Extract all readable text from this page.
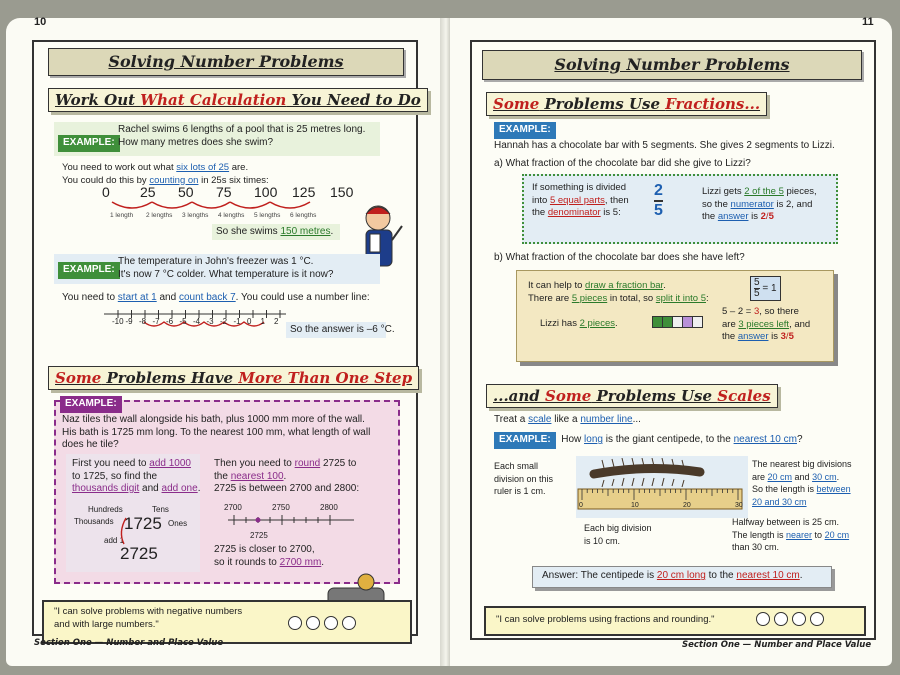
10
Solving Number Problems
Work Out What Calculation You Need to Do
EXAMPLE:
Rachel swims 6 lengths of a pool that is 25 metres long.
How many metres does she swim?
You need to work out what six lots of 25 are.
You could do this by counting on in 25s six times:
0 25 50 75 100 125 150
1 length 2 lengths 3 lengths 4 lengths 5 lengths 6 lengths
So she swims 150 metres.
EXAMPLE:
The temperature in John's freezer was 1 °C.
It's now 7 °C colder. What temperature is it now?
You need to start at 1 and count back 7. You could use a number line:
-10 -9 -8 -7 -6 -5 -4 -3 -2 -1 0 1 2
So the answer is –6 °C.
Some Problems Have More Than One Step
EXAMPLE:
Naz tiles the wall alongside his bath, plus 1000 mm more of the wall.
His bath is 1725 mm long. To the nearest 100 mm, what length of wall
does he tile?
First you need to add 1000
to 1725, so find the
thousands digit and add one.
Hundreds	Tens
Thousands	Ones
1725
add 1
2725
Then you need to round 2725 to
the nearest 100.
2725 is between 2700 and 2800:
2700	2750	2800
2725
2725 is closer to 2700,
so it rounds to 2700 mm.
"I can solve problems with negative numbers
and with large numbers."
Section One — Number and Place Value
11
Solving Number Problems
Some Problems Use Fractions...
EXAMPLE:
Hannah has a chocolate bar with 5 segments. She gives 2 segments to Lizzi.
a) What fraction of the chocolate bar did she give to Lizzi?
If something is divided
into 5 equal parts, then
the denominator is 5:
2
5
Lizzi gets 2 of the 5 pieces,
so the numerator is 2, and
the answer is 2/5
b) What fraction of the chocolate bar does she have left?
It can help to draw a fraction bar.
There are 5 pieces in total, so split it into 5:	$\frac{5}{5} = 1$
Lizzi has 2 pieces.
5 – 2 = 3, so there
are 3 pieces left, and
the answer is 3/5
...and Some Problems Use Scales
Treat a scale like a number line...
EXAMPLE: How long is the giant centipede, to the nearest 10 cm?
Each small
division on this
ruler is 1 cm.
0	10	20	30
Each big division
is 10 cm.
The nearest big divisions
are 20 cm and 30 cm.
So the length is between
20 and 30 cm
Halfway between is 25 cm.
The length is nearer to 20 cm
than 30 cm.
Answer: The centipede is 20 cm long to the nearest 10 cm.
"I can solve problems using fractions and rounding."
Section One — Number and Place Value
